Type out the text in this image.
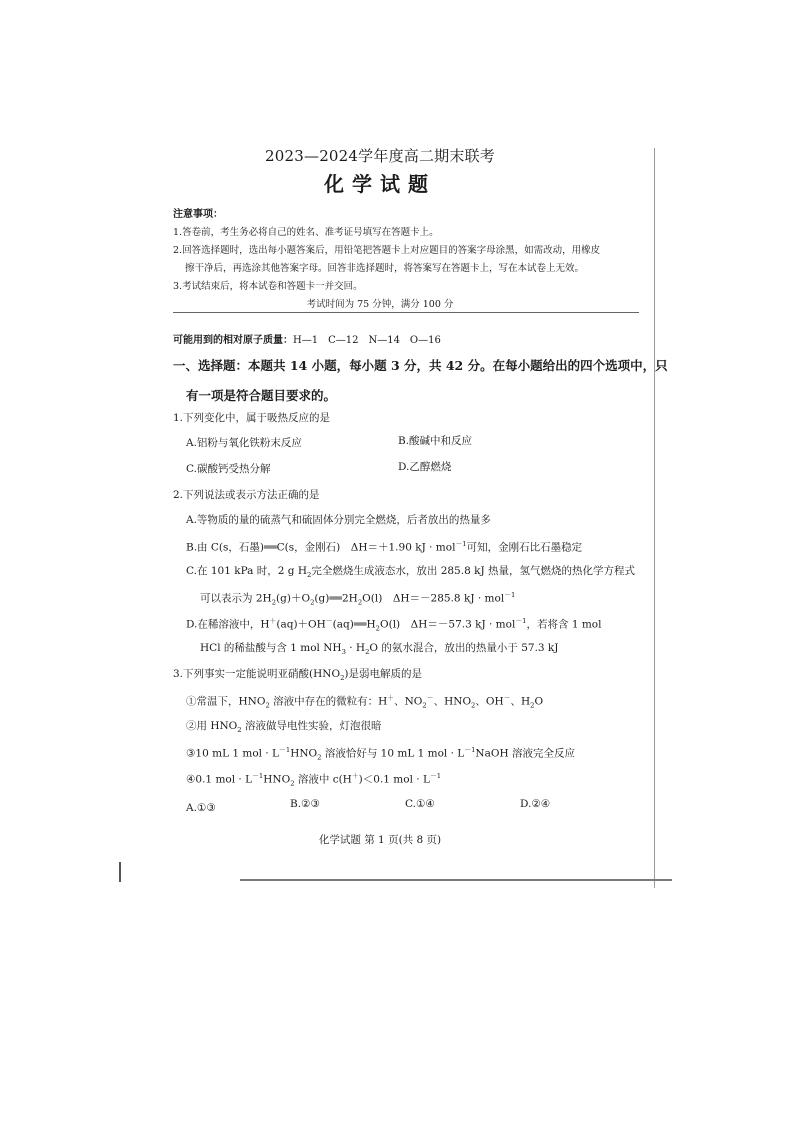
2023—2024学年度高二期末联考
化学试题
注意事项：
1.答卷前，考生务必将自己的姓名、准考证号填写在答题卡上。
2.回答选择题时，选出每小题答案后，用铅笔把答题卡上对应题目的答案字母涂黑，如需改动，用橡皮
擦干净后，再选涂其他答案字母。回答非选择题时，将答案写在答题卡上，写在本试卷上无效。
3.考试结束后，将本试卷和答题卡一并交回。
考试时间为 75 分钟，满分 100 分
可能用到的相对原子质量：H—1　C—12　N—14　O—16
一、选择题：本题共 14 小题，每小题 3 分，共 42 分。在每小题给出的四个选项中，只
有一项是符合题目要求的。
1.下列变化中，属于吸热反应的是
A.铝粉与氧化铁粉末反应	B.酸碱中和反应
C.碳酸钙受热分解	D.乙醇燃烧
2.下列说法或表示方法正确的是
A.等物质的量的硫蒸气和硫固体分别完全燃烧，后者放出的热量多
B.由 C(s，石墨)══C(s，金刚石)　ΔH＝＋1.90 kJ · mol$^{-1}$可知，金刚石比石墨稳定
C.在 101 kPa 时，2 g $H_2$完全燃烧生成液态水，放出 285.8 kJ 热量，氢气燃烧的热化学方程式
可以表示为 $2H_2(g)+O_2(g)══2H_2O(l)$　ΔH＝－285.8 kJ · mol$^{-1}$
D.在稀溶液中，$H^+(aq)+OH^-(aq)══H_2O(l)$　ΔH＝－57.3 kJ · mol$^{-1}$，若将含 1 mol
HCl 的稀盐酸与含 1 mol $NH_3 \cdot H_2O$ 的氨水混合，放出的热量小于 57.3 kJ
3.下列事实一定能说明亚硝酸$(HNO_2)$是弱电解质的是
①常温下，$HNO_2$ 溶液中存在的微粒有：H＋、$NO_2^-$、$HNO_2$、OH－、$H_2O$
②用 $HNO_2$ 溶液做导电性实验，灯泡很暗
③10 mL 1 mol · $L^{-1}HNO_2$ 溶液恰好与 10 mL 1 mol · $L^{-1}NaOH$ 溶液完全反应
④0.1 mol · $L^{-1}HNO_2$ 溶液中 c(H＋)＜0.1 mol · $L^{-1}$
A.①③	B.②③	C.①④	D.②④
化学试题 第 1 页(共 8 页)
